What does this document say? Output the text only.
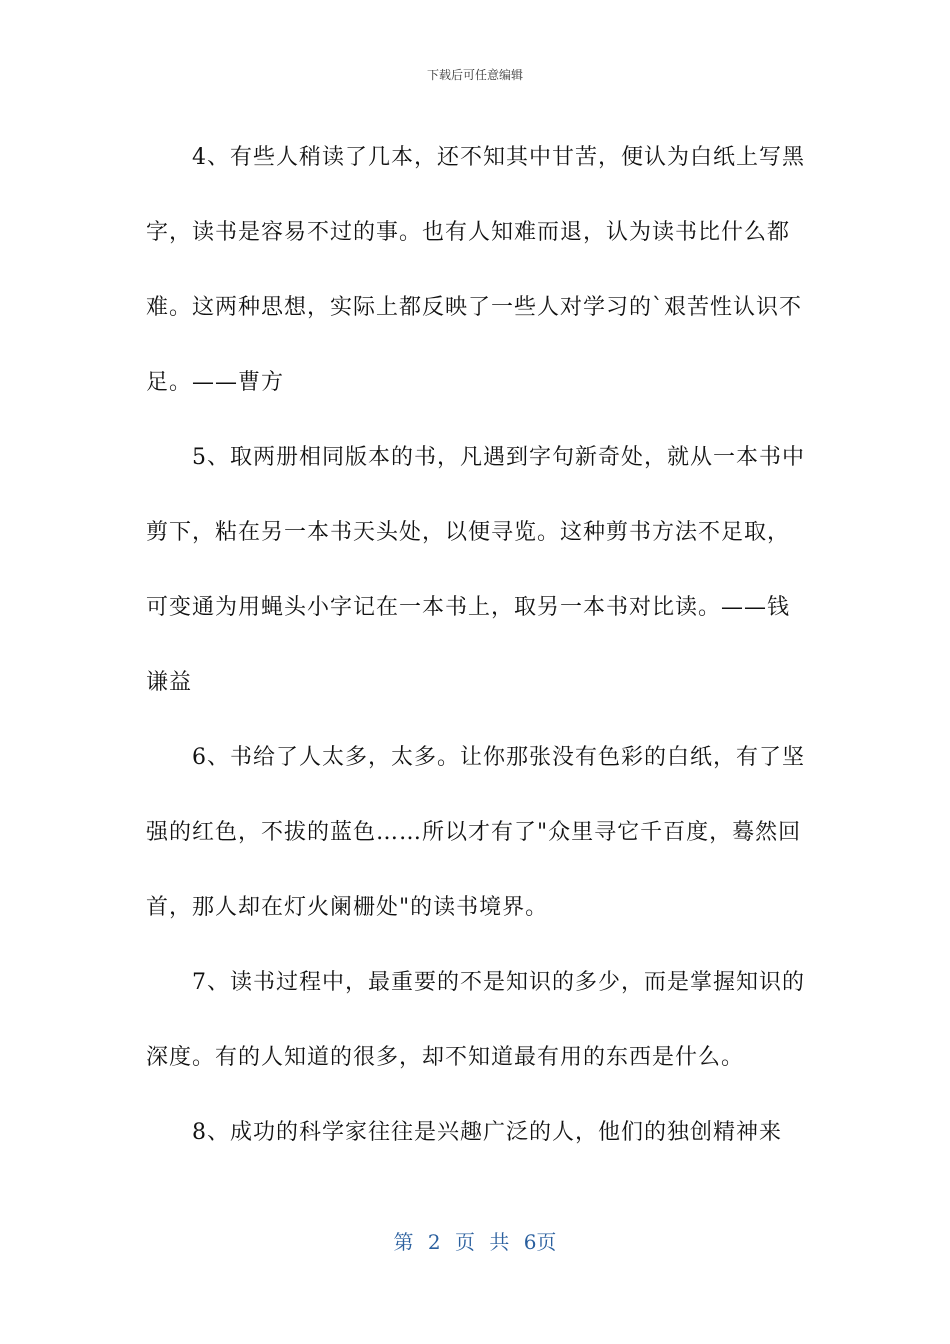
下载后可任意编辑

4、有些人稍读了几本，还不知其中甘苦，便认为白纸上写黑字，读书是容易不过的事。也有人知难而退，认为读书比什么都难。这两种思想，实际上都反映了一些人对学习的`艰苦性认识不足。——曹方

5、取两册相同版本的书，凡遇到字句新奇处，就从一本书中剪下，粘在另一本书天头处，以便寻览。这种剪书方法不足取，可变通为用蝇头小字记在一本书上，取另一本书对比读。——钱谦益

6、书给了人太多，太多。让你那张没有色彩的白纸，有了坚强的红色，不拔的蓝色……所以才有了"众里寻它千百度，蓦然回首，那人却在灯火阑栅处"的读书境界。

7、读书过程中，最重要的不是知识的多少，而是掌握知识的深度。有的人知道的很多，却不知道最有用的东西是什么。

8、成功的科学家往往是兴趣广泛的人，他们的独创精神来

第 2 页 共 6页
